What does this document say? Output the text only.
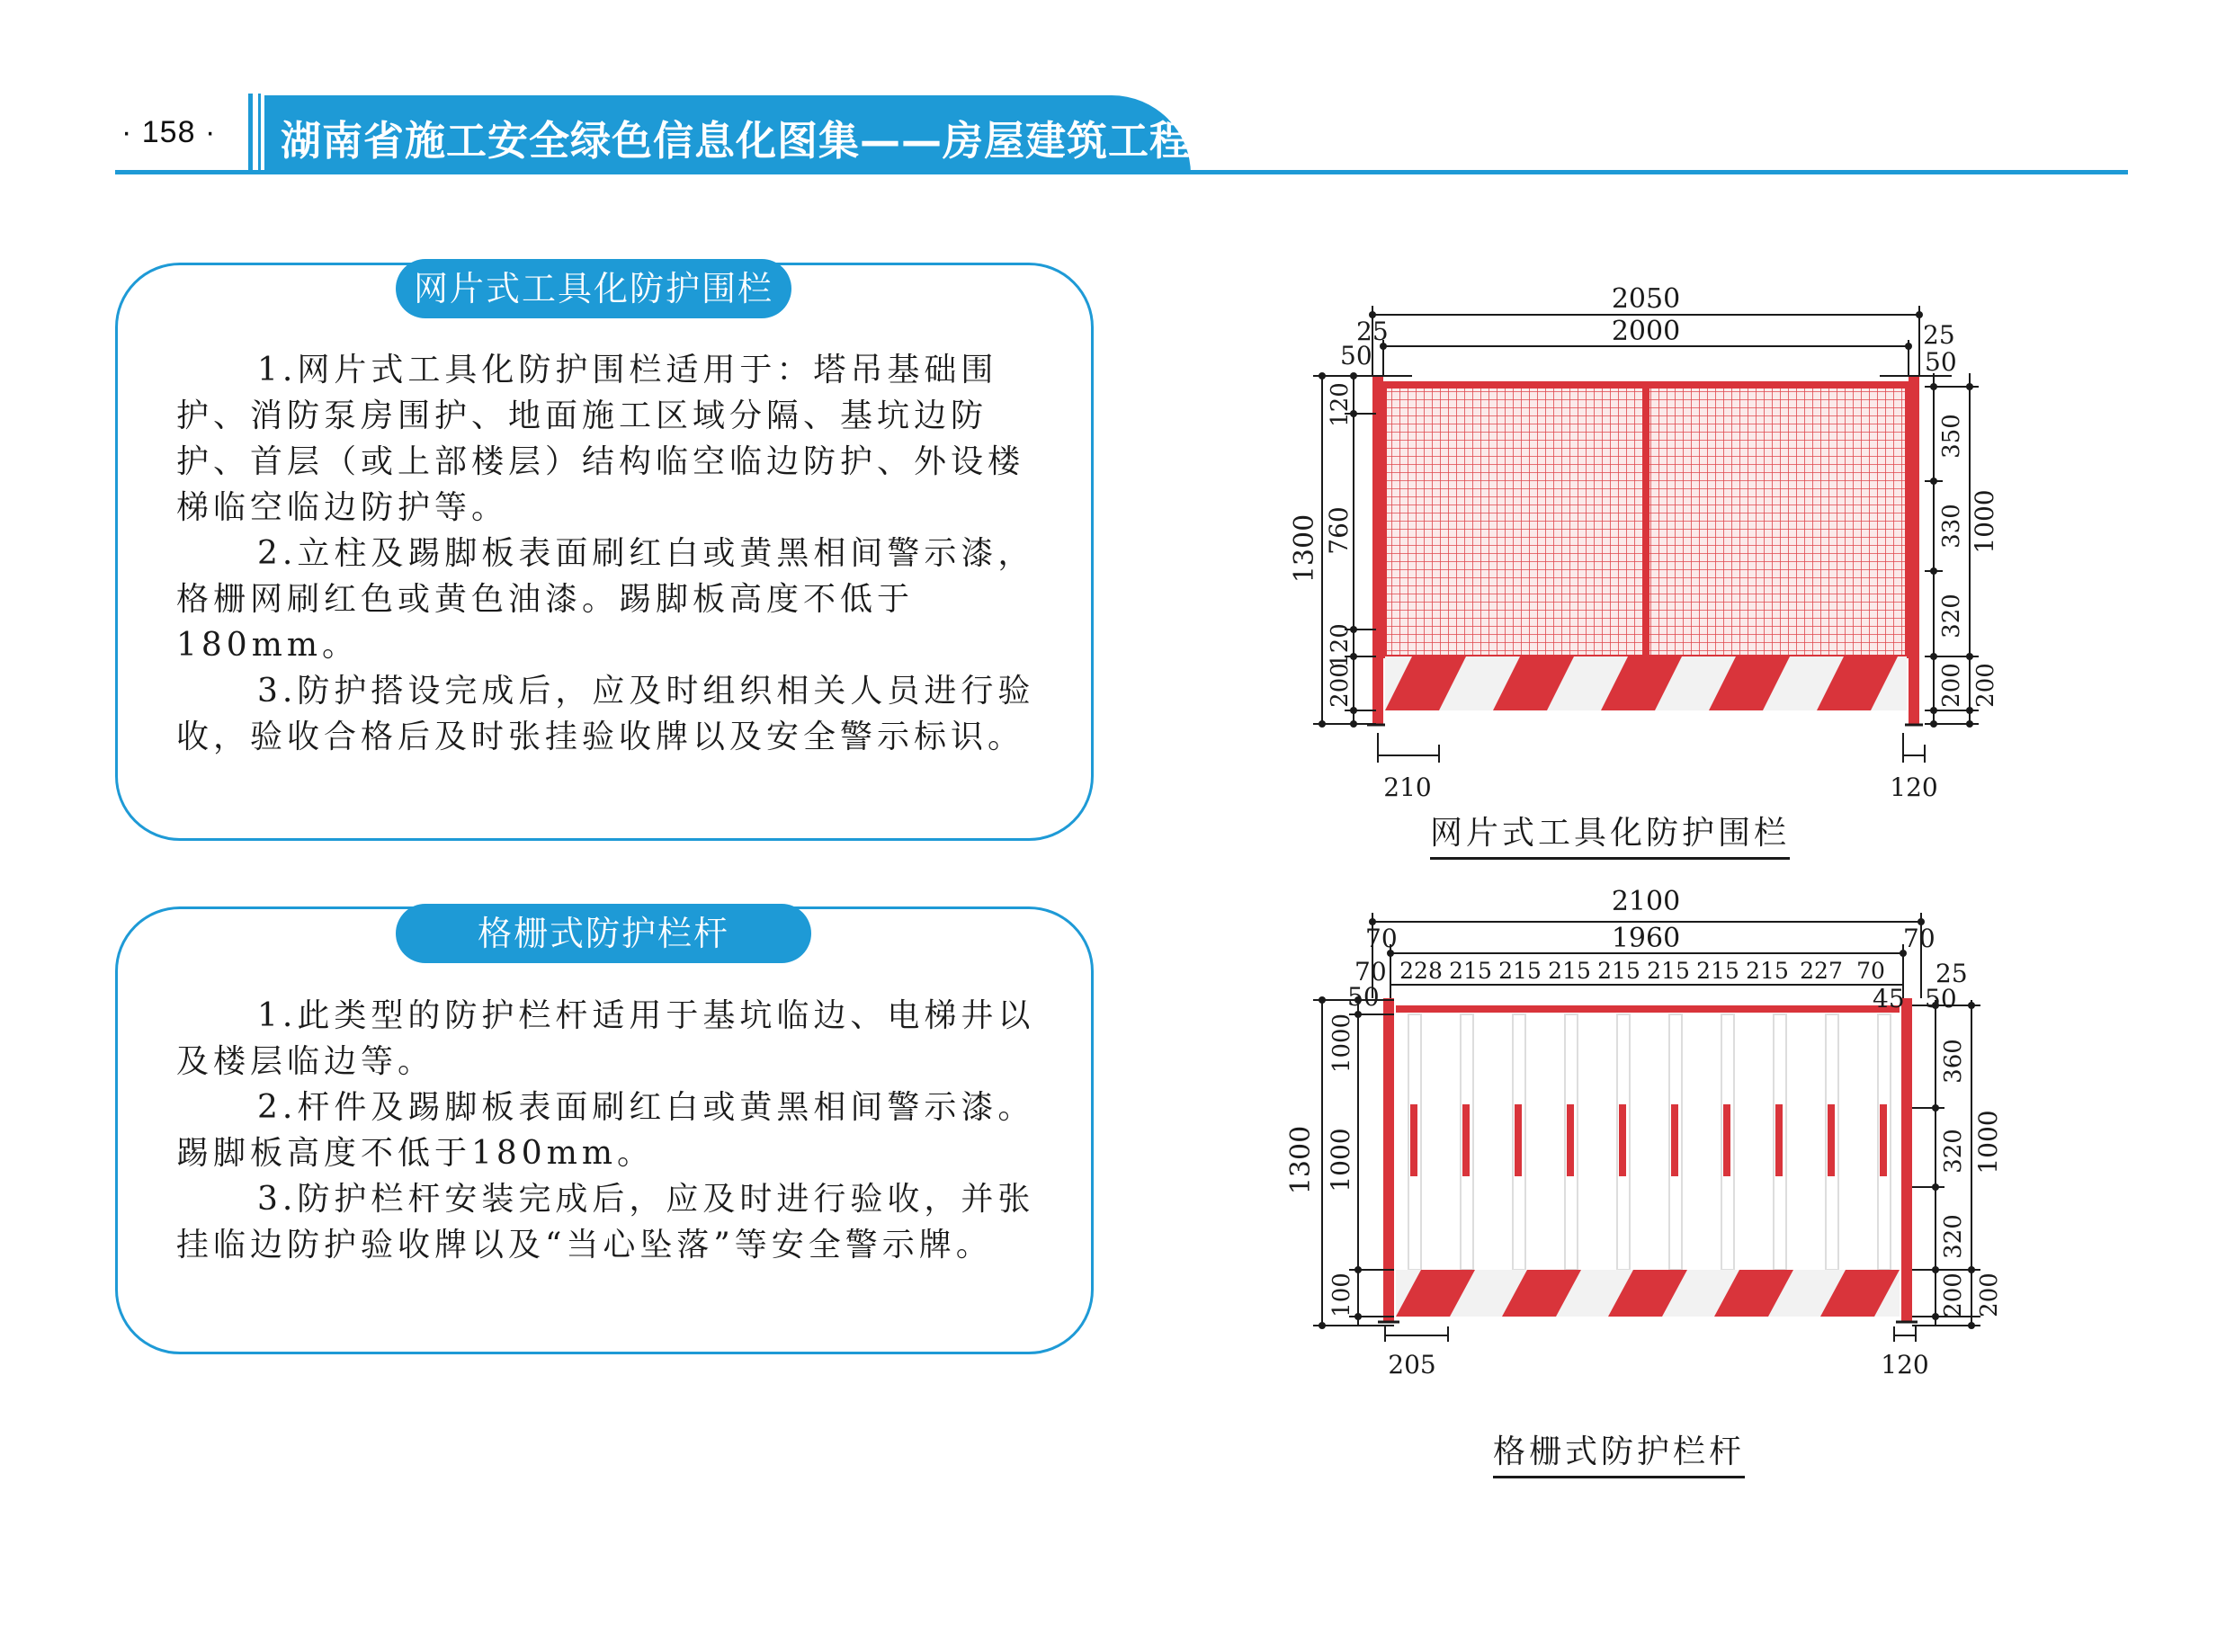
· 158 · 湖南省施工安全绿色信息化图集——房屋建筑工程
网片式工具化防护围栏

1.网片式工具化防护围栏适用于：塔吊基础围护、消防泵房围护、地面施工区域分隔、基坑边防护、首层（或上部楼层）结构临空临边防护、外设楼梯临空临边防护等。

2.立柱及踢脚板表面刷红白或黄黑相间警示漆，格栅网刷红色或黄色油漆。踢脚板高度不低于180mm。

3.防护搭设完成后，应及时组织相关人员进行验收，验收合格后及时张挂验收牌以及安全警示标识。

格栅式防护栏杆

1.此类型的防护栏杆适用于基坑临边、电梯井以及楼层临边等。

2.杆件及踢脚板表面刷红白或黄黑相间警示漆。踢脚板高度不低于180mm。

3.防护栏杆安装完成后，应及时进行验收，并张挂临边防护验收牌以及“当心坠落”等安全警示牌。

2050
2000
25	25
50	50
1300 760
120
120
200
350
330
320
200
1000
200
210	120
网片式工具化防护围栏
2100
1960
70	70
70	25
50	50
45
228 215 215 215 215 215 215 215 227 70
1300 1000
1000
100
360
320
320
200
1000
200
205	120
格栅式防护栏杆
